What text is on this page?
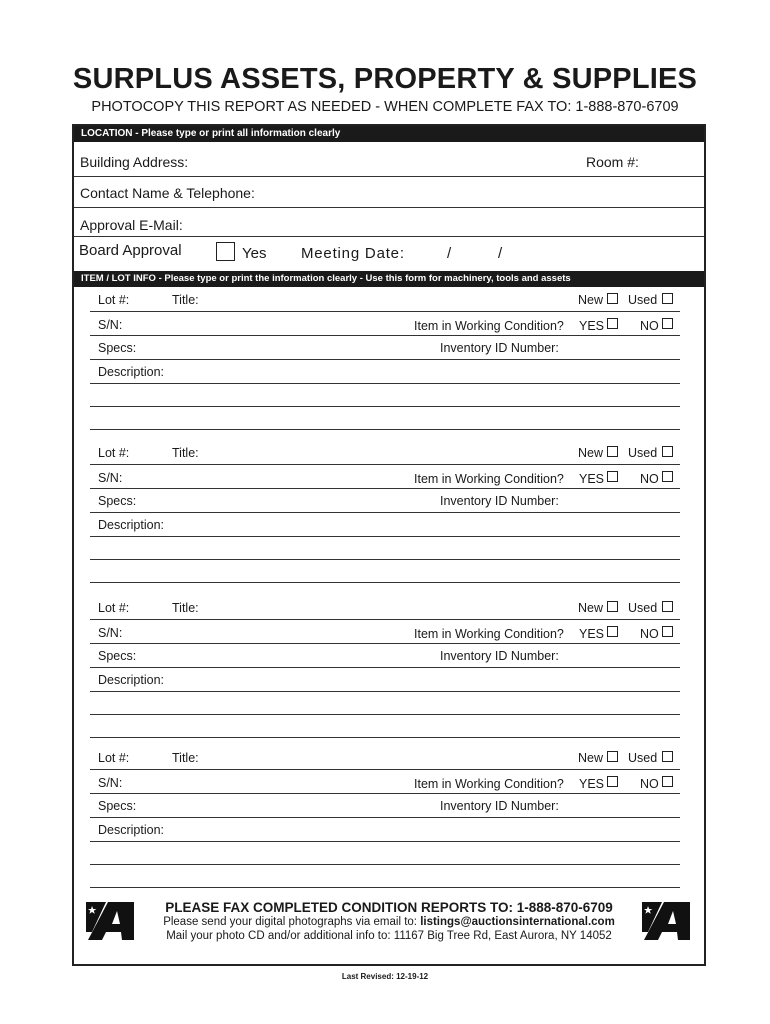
SURPLUS ASSETS, PROPERTY & SUPPLIES
PHOTOCOPY THIS REPORT AS NEEDED - WHEN COMPLETE FAX TO: 1-888-870-6709
LOCATION - Please type or print all information clearly
Building Address:	Room #:
Contact Name & Telephone:
Approval E-Mail:
Board Approval	Yes Meeting Date:	/	/
ITEM / LOT INFO - Please type or print the information clearly - Use this form for machinery, tools and assets
Lot #:	Title:	New Used
S/N:	Item in Working Condition? YES	NO
Specs:	Inventory ID Number:
Description:
Lot #:	Title:	New Used
S/N:	Item in Working Condition? YES	NO
Specs:	Inventory ID Number:
Description:
Lot #:	Title:	New Used
S/N:	Item in Working Condition? YES	NO
Specs:	Inventory ID Number:
Description:
Lot #:	Title:	New Used
S/N:	Item in Working Condition? YES	NO
Specs:	Inventory ID Number:
Description:
PLEASE FAX COMPLETED CONDITION REPORTS TO: 1-888-870-6709
Please send your digital photographs via email to: listings@auctionsinternational.com
Mail your photo CD and/or additional info to: 11167 Big Tree Rd, East Aurora, NY 14052
Last Revised: 12-19-12
